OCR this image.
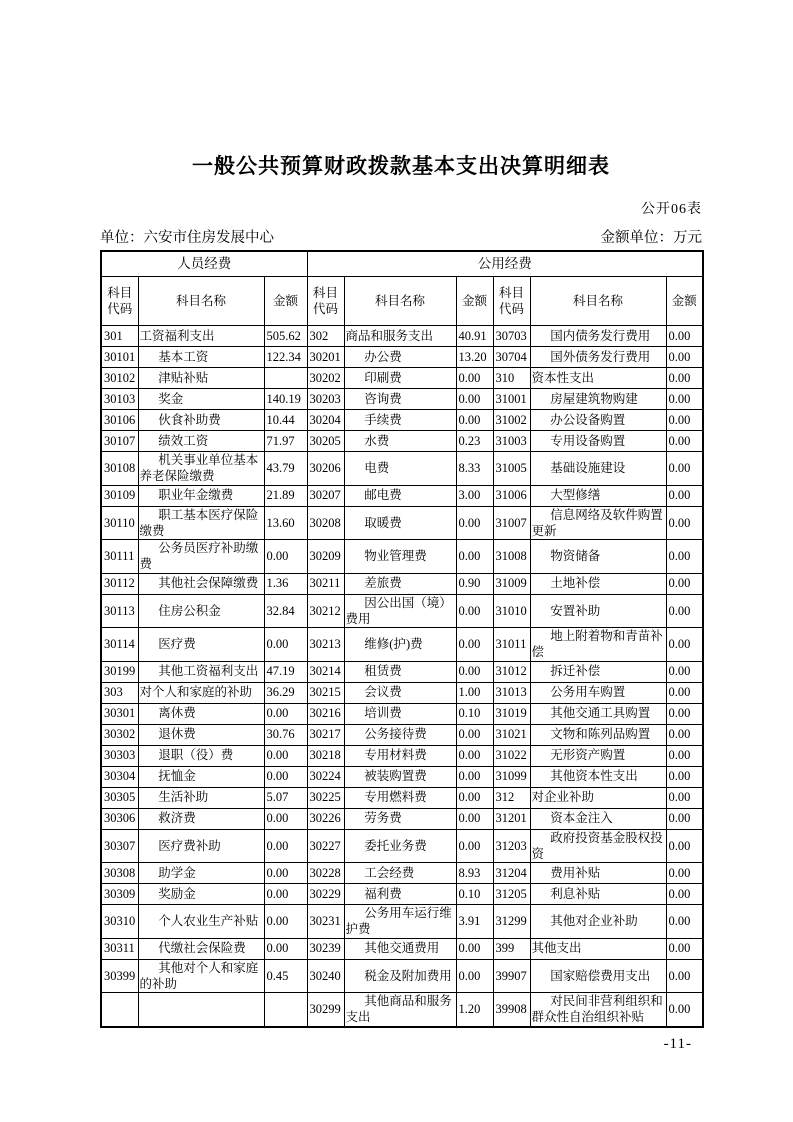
一般公共预算财政拨款基本支出决算明细表
公开06表
单位：六安市住房发展中心	金额单位：万元
人员经费			公用经费					
科目代码	科目名称	金额	科目代码	科目名称	金额	科目代码	科目名称	金额
301	工资福利支出	505.62	302	商品和服务支出	40.91	30703	国内债务发行费用	0.00
30101	基本工资	122.34	30201	办公费	13.20	30704	国外债务发行费用	0.00
30102	津贴补贴		30202	印刷费	0.00	310	资本性支出	0.00
30103	奖金	140.19	30203	咨询费	0.00	31001	房屋建筑物购建	0.00
30106	伙食补助费	10.44	30204	手续费	0.00	31002	办公设备购置	0.00
30107	绩效工资	71.97	30205	水费	0.23	31003	专用设备购置	0.00
30108	机关事业单位基本养老保险缴费	43.79	30206	电费	8.33	31005	基础设施建设	0.00
30109	职业年金缴费	21.89	30207	邮电费	3.00	31006	大型修缮	0.00
30110	职工基本医疗保险缴费	13.60	30208	取暖费	0.00	31007	信息网络及软件购置更新	0.00
30111	公务员医疗补助缴费	0.00	30209	物业管理费	0.00	31008	物资储备	0.00
30112	其他社会保障缴费	1.36	30211	差旅费	0.90	31009	土地补偿	0.00
30113	住房公积金	32.84	30212	因公出国（境）费用	0.00	31010	安置补助	0.00
30114	医疗费	0.00	30213	维修(护)费	0.00	31011	地上附着物和青苗补偿	0.00
30199	其他工资福利支出	47.19	30214	租赁费	0.00	31012	拆迁补偿	0.00
303	对个人和家庭的补助	36.29	30215	会议费	1.00	31013	公务用车购置	0.00
30301	离休费	0.00	30216	培训费	0.10	31019	其他交通工具购置	0.00
30302	退休费	30.76	30217	公务接待费	0.00	31021	文物和陈列品购置	0.00
30303	退职（役）费	0.00	30218	专用材料费	0.00	31022	无形资产购置	0.00
30304	抚恤金	0.00	30224	被装购置费	0.00	31099	其他资本性支出	0.00
30305	生活补助	5.07	30225	专用燃料费	0.00	312	对企业补助	0.00
30306	救济费	0.00	30226	劳务费	0.00	31201	资本金注入	0.00
30307	医疗费补助	0.00	30227	委托业务费	0.00	31203	政府投资基金股权投资	0.00
30308	助学金	0.00	30228	工会经费	8.93	31204	费用补贴	0.00
30309	奖励金	0.00	30229	福利费	0.10	31205	利息补贴	0.00
30310	个人农业生产补贴	0.00	30231	公务用车运行维护费	3.91	31299	其他对企业补助	0.00
30311	代缴社会保险费	0.00	30239	其他交通费用	0.00	399	其他支出	0.00
30399	其他对个人和家庭的补助	0.45	30240	税金及附加费用	0.00	39907	国家赔偿费用支出	0.00
			30299	其他商品和服务支出	1.20	39908	对民间非营利组织和群众性自治组织补贴	0.00
-11-
